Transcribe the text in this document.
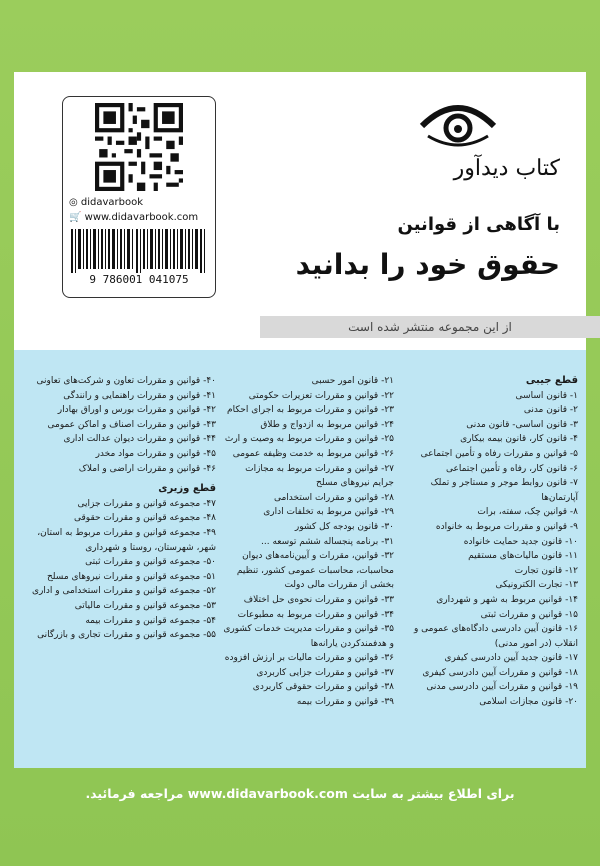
کتاب دیدآور
با آگاهی از قوانین
حقوق خود را بدانید
از این مجموعه منتشر شده است
◎ didavarbook
🛒 www.didavarbook.com
9 786001 041075
قطع جیبی
۱- قانون اساسی
۲- قانون مدنی
۳- قانون اساسی- قانون مدنی
۴- قانون کار، قانون بیمه بیکاری
۵- قوانین و مقررات رفاه و تأمین اجتماعی
۶- قانون کار، رفاه و تأمین اجتماعی
۷- قانون روابط موجر و مستاجر و تملک آپارتمان‌ها
۸- قوانین چک، سفته، برات
۹- قوانین و مقررات مربوط به خانواده
۱۰- قانون جدید حمایت خانواده
۱۱- قانون مالیات‌های مستقیم
۱۲- قانون تجارت
۱۳- تجارت الکترونیکی
۱۴- قوانین مربوط به شهر و شهرداری
۱۵- قوانین و مقررات ثبتی
۱۶- قانون آیین دادرسی دادگاه‌های عمومی و انقلاب (در امور مدنی)
۱۷- قانون جدید آیین دادرسی کیفری
۱۸- قوانین و مقررات آیین دادرسی کیفری
۱۹- قوانین و مقررات آیین دادرسی مدنی
۲۰- قانون مجازات اسلامی
۲۱- قانون امور حسبی
۲۲- قوانین و مقررات تعزیرات حکومتی
۲۳- قوانین و مقررات مربوط به اجرای احکام
۲۴- قوانین مربوط به ازدواج و طلاق
۲۵- قوانین و مقررات مربوط به وصیت و ارث
۲۶- قوانین مربوط به خدمت وظیفه عمومی
۲۷- قوانین و مقررات مربوط به مجازات جرایم نیروهای مسلح
۲۸- قوانین و مقررات استخدامی
۲۹- قوانین مربوط به تخلفات اداری
۳۰- قانون بودجه کل کشور
۳۱- برنامه پنجساله ششم توسعه ...
۳۲- قوانین، مقررات و آیین‌نامه‌های دیوان محاسبات، محاسبات عمومی کشور، تنظیم بخشی از مقررات مالی دولت
۳۳- قوانین و مقررات نحوه‌ی حل اختلاف
۳۴- قوانین و مقررات مربوط به مطبوعات
۳۵- قوانین و مقررات مدیریت خدمات کشوری و هدفمندکردن یارانه‌ها
۳۶- قوانین و مقررات مالیات بر ارزش افزوده
۳۷- قوانین و مقررات جزایی کاربردی
۳۸- قوانین و مقررات حقوقی کاربردی
۳۹- قوانین و مقررات بیمه
۴۰- قوانین و مقررات تعاون و شرکت‌های تعاونی
۴۱- قوانین و مقررات راهنمایی و رانندگی
۴۲- قوانین و مقررات بورس و اوراق بهادار
۴۳- قوانین و مقررات اصناف و اماکن عمومی
۴۴- قوانین و مقررات دیوان عدالت اداری
۴۵- قوانین و مقررات مواد مخدر
۴۶- قوانین و مقررات اراضی و املاک
قطع وزیری
۴۷- مجموعه قوانین و مقررات جزایی
۴۸- مجموعه قوانین و مقررات حقوقی
۴۹- مجموعه قوانین و مقررات مربوط به استان، شهر، شهرستان، روستا و شهرداری
۵۰- مجموعه قوانین و مقررات ثبتی
۵۱- مجموعه قوانین و مقررات نیروهای مسلح
۵۲- مجموعه قوانین و مقررات استخدامی و اداری
۵۳- مجموعه قوانین و مقررات مالیاتی
۵۴- مجموعه قوانین و مقررات بیمه
۵۵- مجموعه قوانین و مقررات تجاری و بازرگانی
برای اطلاع بیشتر به سایت www.didavarbook.com مراجعه فرمائید.
